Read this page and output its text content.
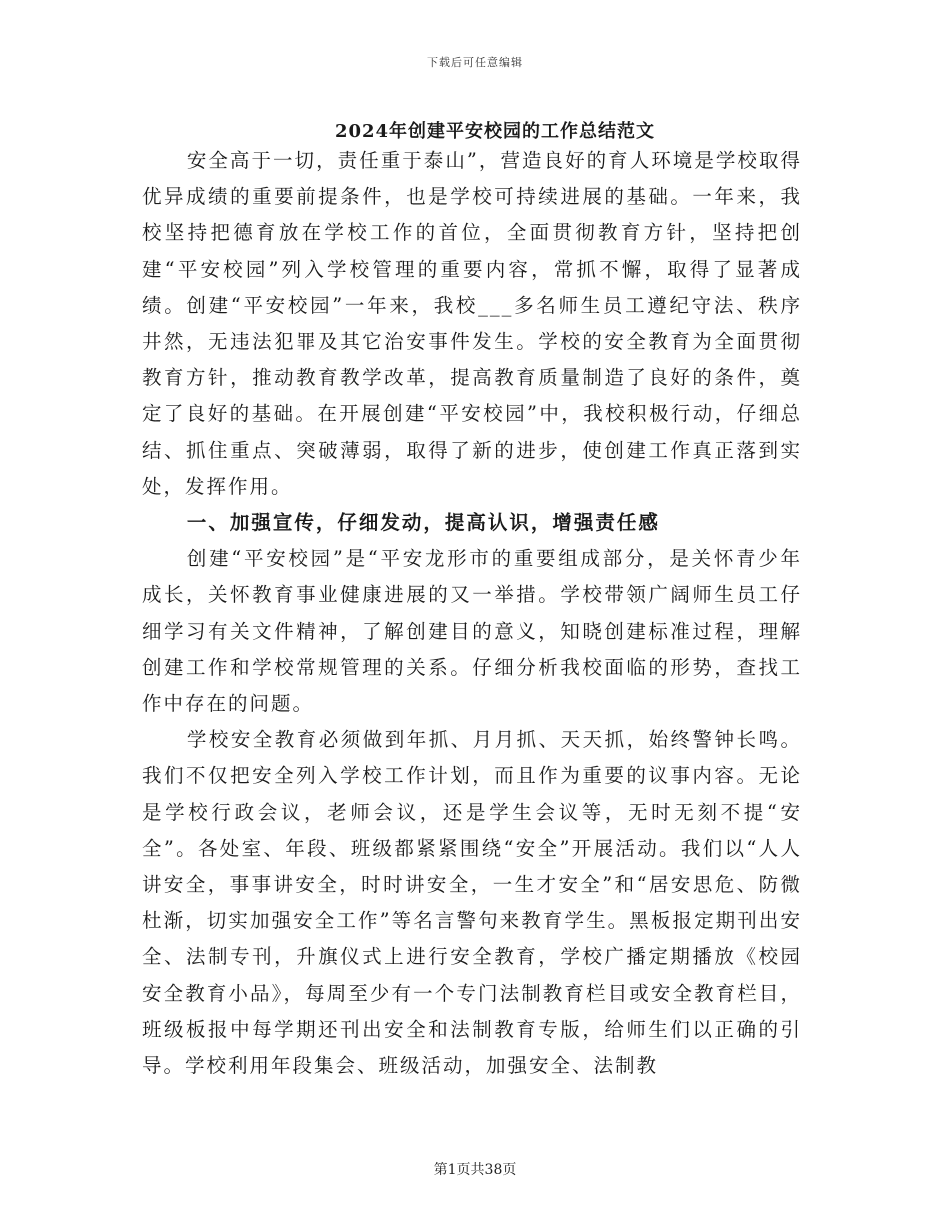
下载后可任意编辑
2024年创建平安校园的工作总结范文

安全高于一切，责任重于泰山”，营造良好的育人环境是学校取得优异成绩的重要前提条件，也是学校可持续进展的基础。一年来，我校坚持把德育放在学校工作的首位，全面贯彻教育方针，坚持把创建“平安校园”列入学校管理的重要内容，常抓不懈，取得了显著成绩。创建“平安校园”一年来，我校___多名师生员工遵纪守法、秩序井然，无违法犯罪及其它治安事件发生。学校的安全教育为全面贯彻教育方针，推动教育教学改革，提高教育质量制造了良好的条件，奠定了良好的基础。在开展创建“平安校园”中，我校积极行动，仔细总结、抓住重点、突破薄弱，取得了新的进步，使创建工作真正落到实处，发挥作用。

一、加强宣传，仔细发动，提高认识，增强责任感

创建“平安校园”是“平安龙形市的重要组成部分，是关怀青少年成长，关怀教育事业健康进展的又一举措。学校带领广阔师生员工仔细学习有关文件精神，了解创建目的意义，知晓创建标准过程，理解创建工作和学校常规管理的关系。仔细分析我校面临的形势，查找工作中存在的问题。

学校安全教育必须做到年抓、月月抓、天天抓，始终警钟长鸣。我们不仅把安全列入学校工作计划，而且作为重要的议事内容。无论是学校行政会议，老师会议，还是学生会议等，无时无刻不提“安全”。各处室、年段、班级都紧紧围绕“安全”开展活动。我们以“人人讲安全，事事讲安全，时时讲安全，一生才安全”和“居安思危、防微杜渐，切实加强安全工作”等名言警句来教育学生。黑板报定期刊出安全、法制专刊，升旗仪式上进行安全教育，学校广播定期播放《校园安全教育小品》，每周至少有一个专门法制教育栏目或安全教育栏目，班级板报中每学期还刊出安全和法制教育专版，给师生们以正确的引导。学校利用年段集会、班级活动，加强安全、法制教

第1页共38页
